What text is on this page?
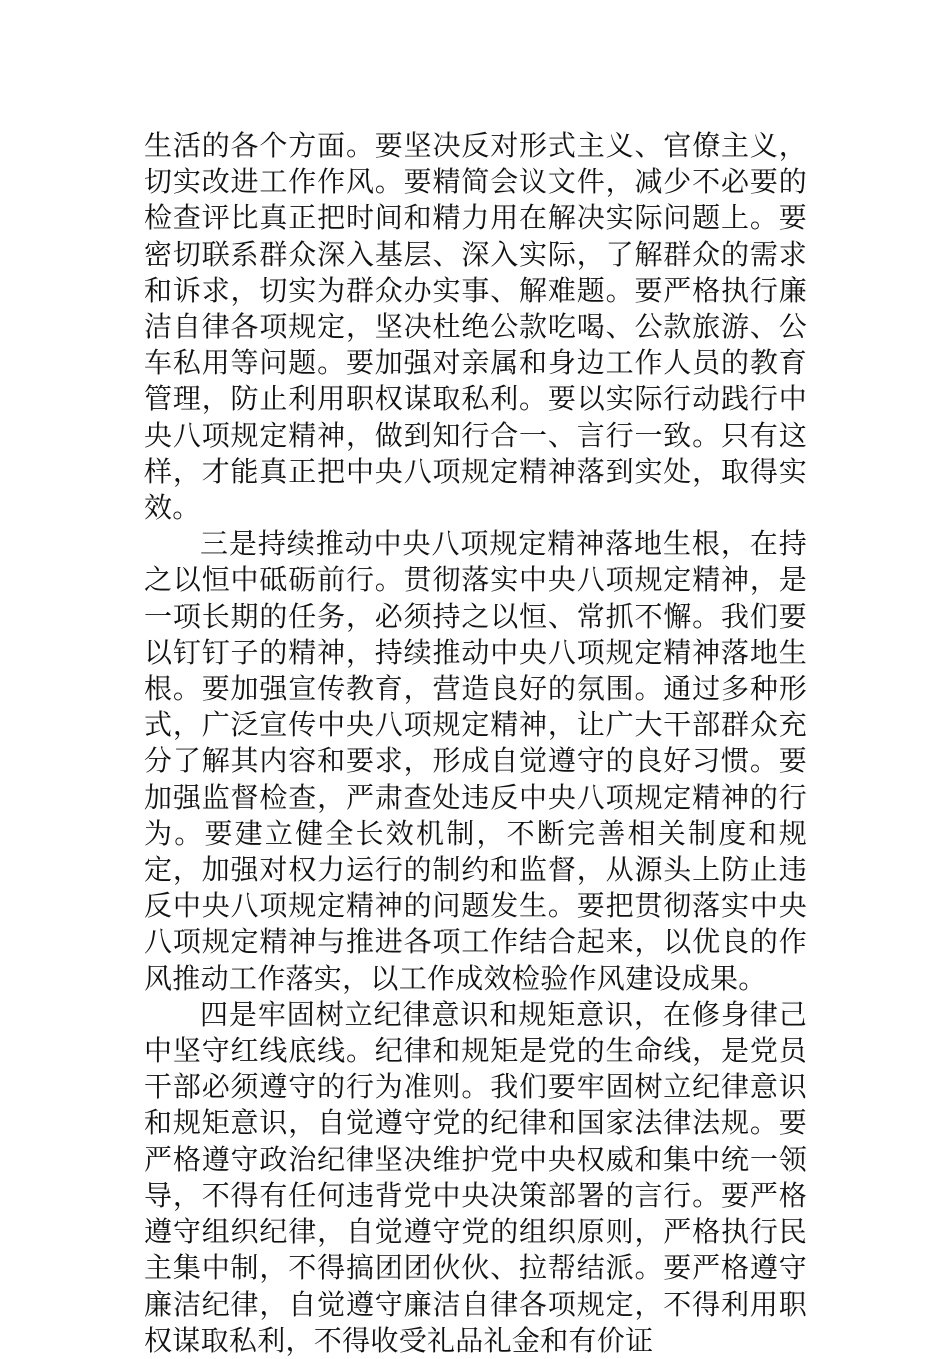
生活的各个方面。要坚决反对形式主义、官僚主义，切实改进工作作风。要精简会议文件，减少不必要的检查评比真正把时间和精力用在解决实际问题上。要密切联系群众深入基层、深入实际，了解群众的需求和诉求，切实为群众办实事、解难题。要严格执行廉洁自律各项规定，坚决杜绝公款吃喝、公款旅游、公车私用等问题。要加强对亲属和身边工作人员的教育管理，防止利用职权谋取私利。要以实际行动践行中央八项规定精神，做到知行合一、言行一致。只有这样，才能真正把中央八项规定精神落到实处，取得实效。

三是持续推动中央八项规定精神落地生根，在持之以恒中砥砺前行。贯彻落实中央八项规定精神，是一项长期的任务，必须持之以恒、常抓不懈。我们要以钉钉子的精神，持续推动中央八项规定精神落地生根。要加强宣传教育，营造良好的氛围。通过多种形式，广泛宣传中央八项规定精神，让广大干部群众充分了解其内容和要求，形成自觉遵守的良好习惯。要加强监督检查，严肃查处违反中央八项规定精神的行为。要建立健全长效机制，不断完善相关制度和规定，加强对权力运行的制约和监督，从源头上防止违反中央八项规定精神的问题发生。要把贯彻落实中央八项规定精神与推进各项工作结合起来，以优良的作风推动工作落实，以工作成效检验作风建设成果。

四是牢固树立纪律意识和规矩意识，在修身律己中坚守红线底线。纪律和规矩是党的生命线，是党员干部必须遵守的行为准则。我们要牢固树立纪律意识和规矩意识，自觉遵守党的纪律和国家法律法规。要严格遵守政治纪律坚决维护党中央权威和集中统一领导，不得有任何违背党中央决策部署的言行。要严格遵守组织纪律，自觉遵守党的组织原则，严格执行民主集中制，不得搞团团伙伙、拉帮结派。要严格遵守廉洁纪律，自觉遵守廉洁自律各项规定，不得利用职权谋取私利，不得收受礼品礼金和有价证
